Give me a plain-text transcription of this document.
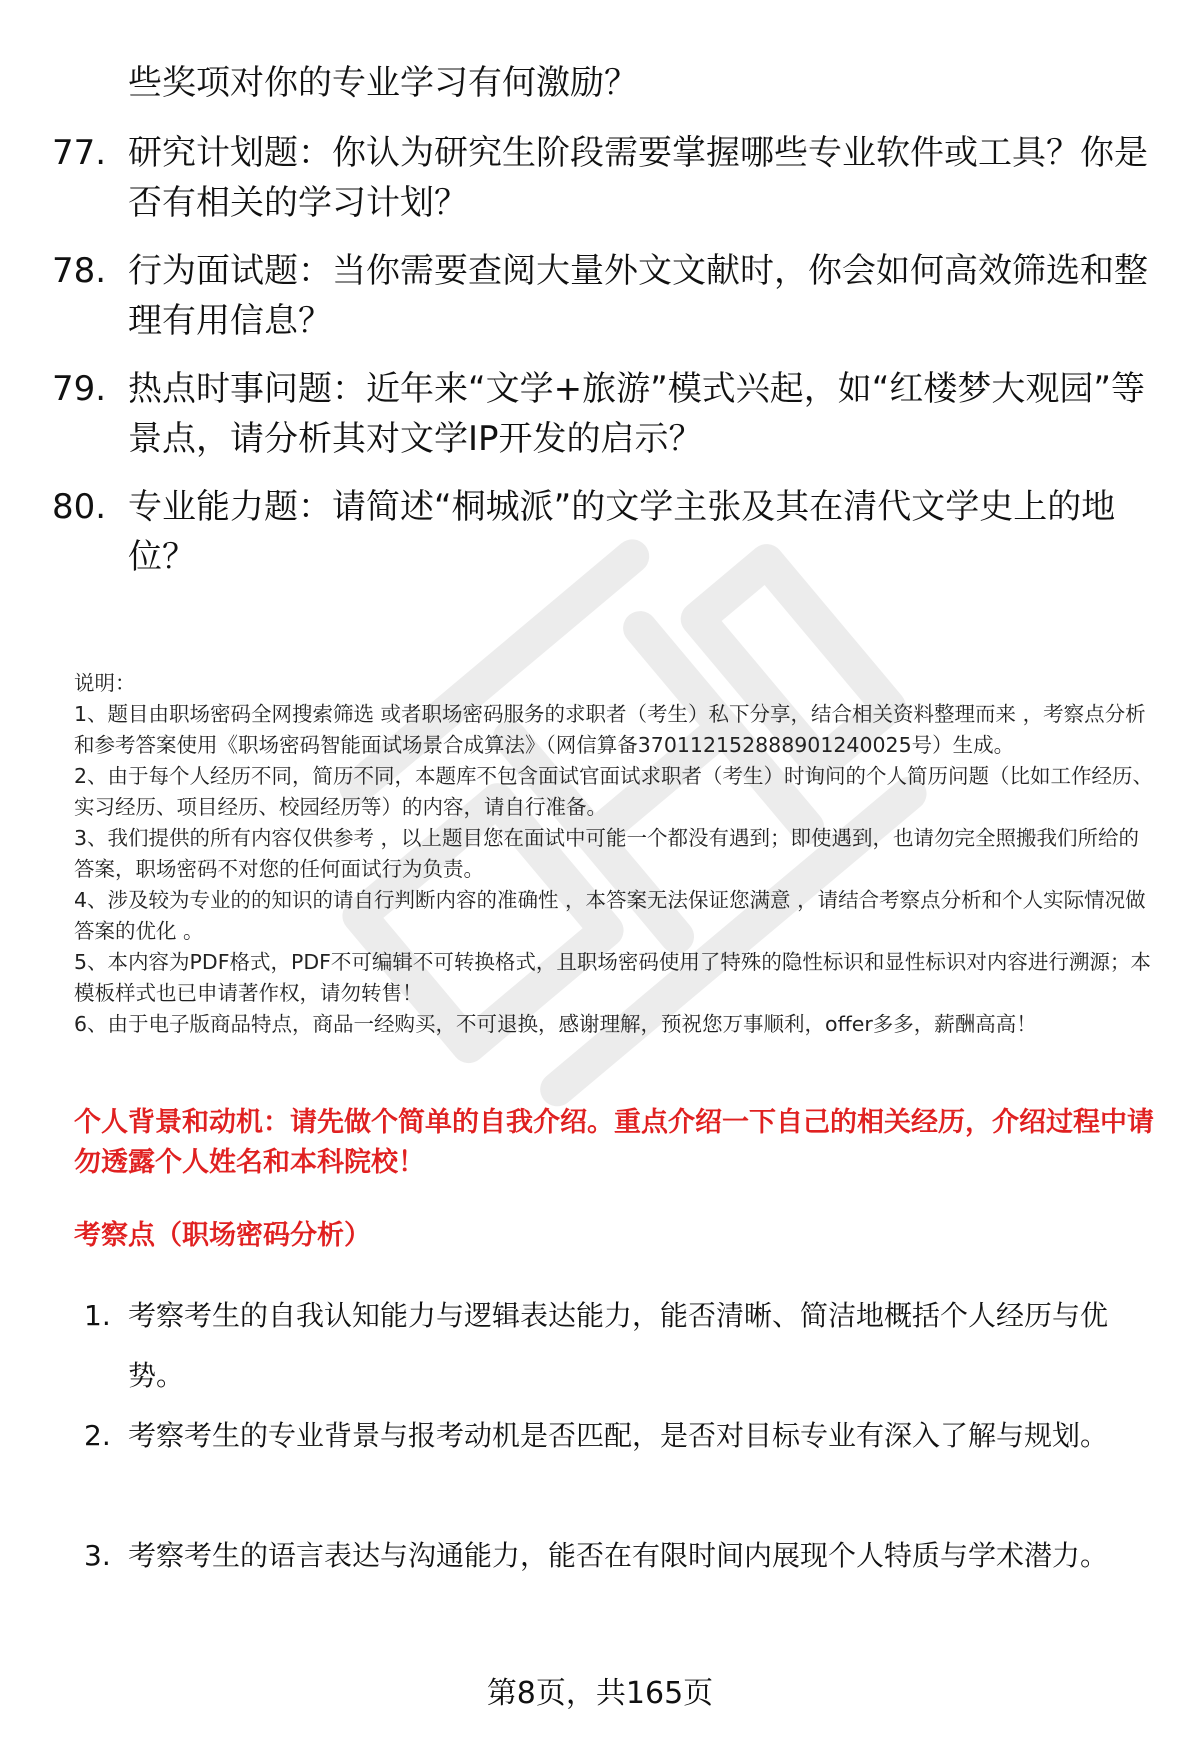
些奖项对你的专业学习有何激励？
77. 研究计划题：你认为研究生阶段需要掌握哪些专业软件或工具？你是否有相关的学习计划？
78. 行为面试题：当你需要查阅大量外文文献时，你会如何高效筛选和整理有用信息？
79. 热点时事问题：近年来“文学+旅游”模式兴起，如“红楼梦大观园”等景点，请分析其对文学IP开发的启示？
80. 专业能力题：请简述“桐城派”的文学主张及其在清代文学史上的地位？

说明：

1、题目由职场密码全网搜索筛选 或者职场密码服务的求职者（考生）私下分享，结合相关资料整理而来 ，考察点分析和参考答案使用《职场密码智能面试场景合成算法》（网信算备370112152888901240025号）生成。

2、由于每个人经历不同，简历不同，本题库不包含面试官面试求职者（考生）时询问的个人简历问题（比如工作经历、实习经历、项目经历、校园经历等）的内容，请自行准备。

3、我们提供的所有内容仅供参考 ，以上题目您在面试中可能一个都没有遇到；即使遇到，也请勿完全照搬我们所给的答案，职场密码不对您的任何面试行为负责。

4、涉及较为专业的的知识的请自行判断内容的准确性 ，本答案无法保证您满意 ，请结合考察点分析和个人实际情况做答案的优化 。

5、本内容为PDF格式，PDF不可编辑不可转换格式，且职场密码使用了特殊的隐性标识和显性标识对内容进行溯源；本模板样式也已申请著作权，请勿转售！

6、由于电子版商品特点，商品一经购买，不可退换，感谢理解，预祝您万事顺利，offer多多，薪酬高高！

个人背景和动机：请先做个简单的自我介绍。重点介绍一下自己的相关经历，介绍过程中请勿透露个人姓名和本科院校！
考察点（职场密码分析）
1. 考察考生的自我认知能力与逻辑表达能力，能否清晰、简洁地概括个人经历与优势。
2. 考察考生的专业背景与报考动机是否匹配，是否对目标专业有深入了解与规划。
3. 考察考生的语言表达与沟通能力，能否在有限时间内展现个人特质与学术潜力。
第8页，共165页
